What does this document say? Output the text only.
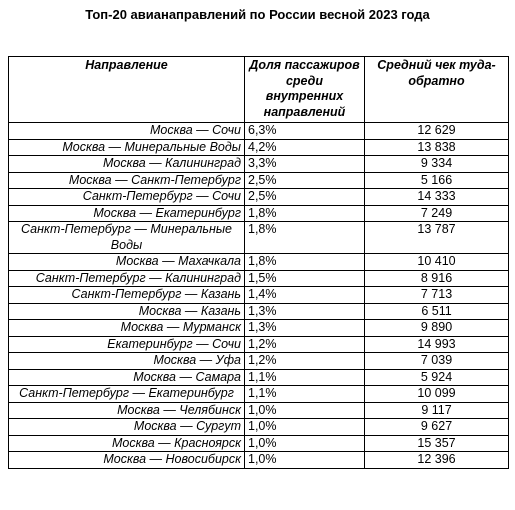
Топ-20 авианаправлений по России весной 2023 года
Направление	Доля пассажиров среди внутренних направлений	Средний чек туда-обратно
Москва — Сочи	6,3%	12 629
Москва — Минеральные Воды	4,2%	13 838
Москва — Калининград	3,3%	9 334
Москва — Санкт-Петербург	2,5%	5 166
Санкт-Петербург — Сочи	2,5%	14 333
Москва — Екатеринбург	1,8%	7 249
Санкт-Петербург — Минеральные Воды	1,8%	13 787
Москва — Махачкала	1,8%	10 410
Санкт-Петербург — Калининград	1,5%	8 916
Санкт-Петербург — Казань	1,4%	7 713
Москва — Казань	1,3%	6 511
Москва — Мурманск	1,3%	9 890
Екатеринбург — Сочи	1,2%	14 993
Москва — Уфа	1,2%	7 039
Москва — Самара	1,1%	5 924
Санкт-Петербург — Екатеринбург	1,1%	10 099
Москва — Челябинск	1,0%	9 117
Москва — Сургут	1,0%	9 627
Москва — Красноярск	1,0%	15 357
Москва — Новосибирск	1,0%	12 396
